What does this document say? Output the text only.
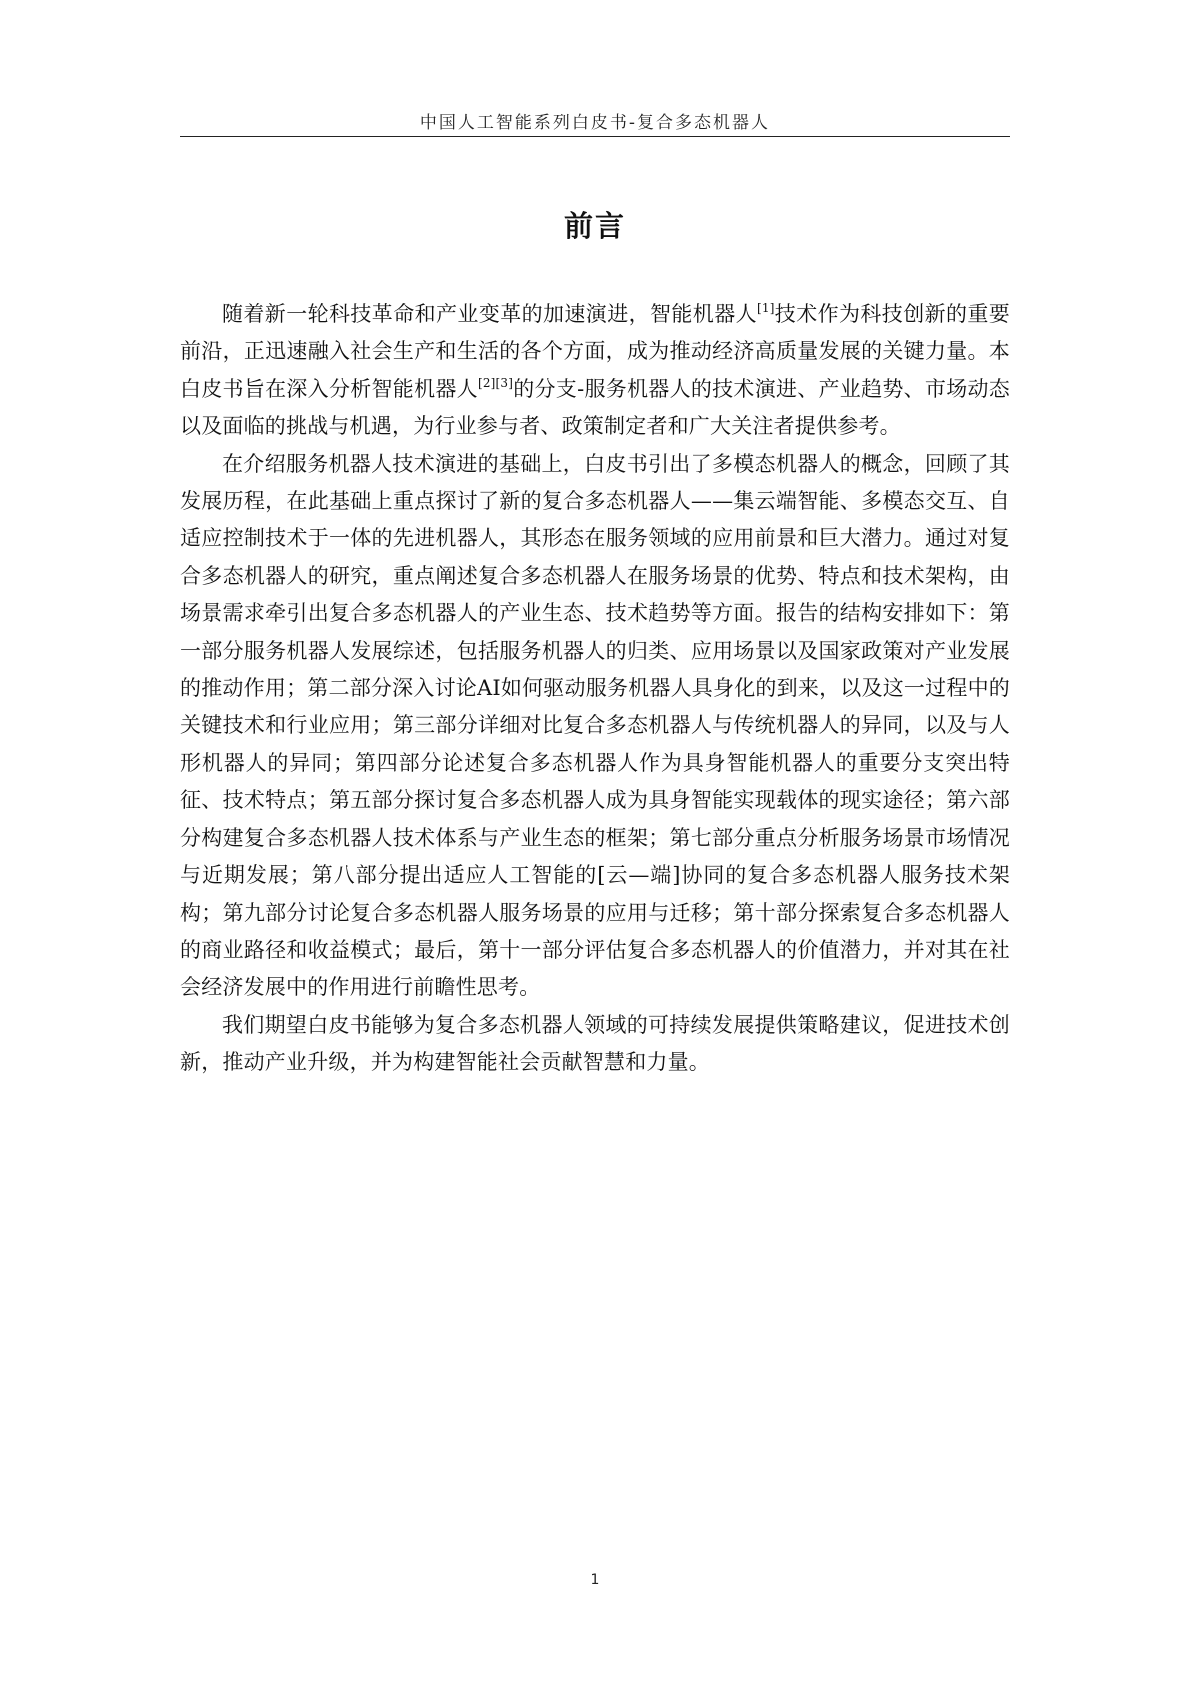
中国人工智能系列白皮书-复合多态机器人
前言

随着新一轮科技革命和产业变革的加速演进，智能机器人[1]技术作为科技创新的重要前沿，正迅速融入社会生产和生活的各个方面，成为推动经济高质量发展的关键力量。本白皮书旨在深入分析智能机器人[2][3]的分支-服务机器人的技术演进、产业趋势、市场动态以及面临的挑战与机遇，为行业参与者、政策制定者和广大关注者提供参考。

在介绍服务机器人技术演进的基础上，白皮书引出了多模态机器人的概念，回顾了其发展历程，在此基础上重点探讨了新的复合多态机器人——集云端智能、多模态交互、自适应控制技术于一体的先进机器人，其形态在服务领域的应用前景和巨大潜力。通过对复合多态机器人的研究，重点阐述复合多态机器人在服务场景的优势、特点和技术架构，由场景需求牵引出复合多态机器人的产业生态、技术趋势等方面。报告的结构安排如下：第一部分服务机器人发展综述，包括服务机器人的归类、应用场景以及国家政策对产业发展的推动作用；第二部分深入讨论AI如何驱动服务机器人具身化的到来，以及这一过程中的关键技术和行业应用；第三部分详细对比复合多态机器人与传统机器人的异同，以及与人形机器人的异同；第四部分论述复合多态机器人作为具身智能机器人的重要分支突出特征、技术特点；第五部分探讨复合多态机器人成为具身智能实现载体的现实途径；第六部分构建复合多态机器人技术体系与产业生态的框架；第七部分重点分析服务场景市场情况与近期发展；第八部分提出适应人工智能的[云—端]协同的复合多态机器人服务技术架构；第九部分讨论复合多态机器人服务场景的应用与迁移；第十部分探索复合多态机器人的商业路径和收益模式；最后，第十一部分评估复合多态机器人的价值潜力，并对其在社会经济发展中的作用进行前瞻性思考。

我们期望白皮书能够为复合多态机器人领域的可持续发展提供策略建议，促进技术创新，推动产业升级，并为构建智能社会贡献智慧和力量。

1
